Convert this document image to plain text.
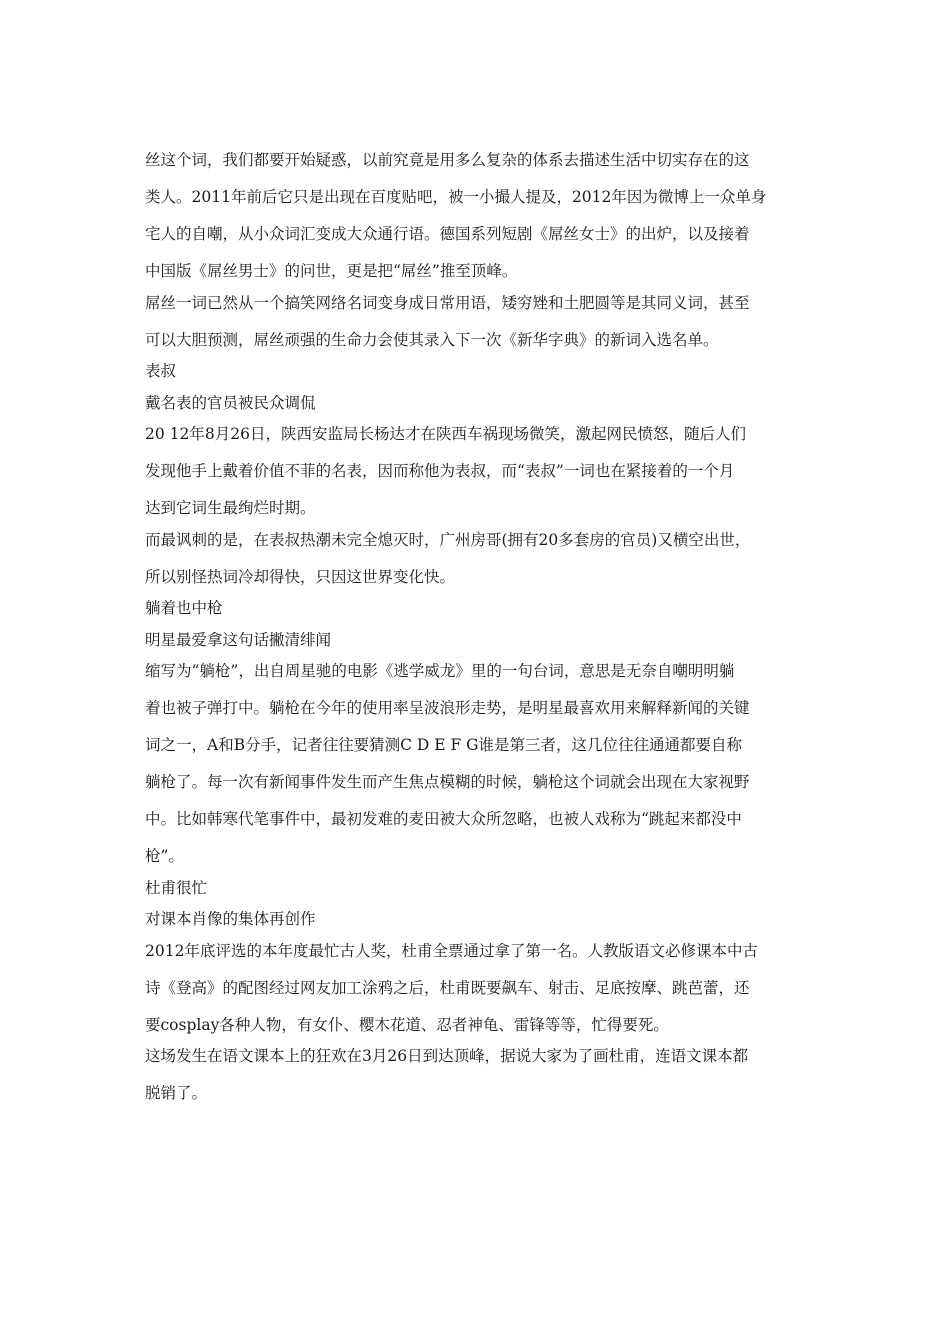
丝这个词，我们都要开始疑惑，以前究竟是用多么复杂的体系去描述生活中切实存在的这
类人。2011年前后它只是出现在百度贴吧，被一小撮人提及，2012年因为微博上一众单身
宅人的自嘲，从小众词汇变成大众通行语。德国系列短剧《屌丝女士》的出炉，以及接着
中国版《屌丝男士》的问世，更是把“屌丝”推至顶峰。
屌丝一词已然从一个搞笑网络名词变身成日常用语，矮穷矬和土肥圆等是其同义词，甚至
可以大胆预测，屌丝顽强的生命力会使其录入下一次《新华字典》的新词入选名单。
表叔
戴名表的官员被民众调侃
20 12年8月26日，陕西安监局长杨达才在陕西车祸现场微笑，激起网民愤怒，随后人们
发现他手上戴着价值不菲的名表，因而称他为表叔，而“表叔”一词也在紧接着的一个月
达到它词生最绚烂时期。
而最讽刺的是，在表叔热潮未完全熄灭时，广州房哥(拥有20多套房的官员)又横空出世，
所以别怪热词冷却得快，只因这世界变化快。
躺着也中枪
明星最爱拿这句话撇清绯闻
缩写为“躺枪”，出自周星驰的电影《逃学威龙》里的一句台词，意思是无奈自嘲明明躺
着也被子弹打中。躺枪在今年的使用率呈波浪形走势，是明星最喜欢用来解释新闻的关键
词之一，A和B分手，记者往往要猜测C D E F G谁是第三者，这几位往往通通都要自称
躺枪了。每一次有新闻事件发生而产生焦点模糊的时候，躺枪这个词就会出现在大家视野
中。比如韩寒代笔事件中，最初发难的麦田被大众所忽略，也被人戏称为“跳起来都没中
枪”。
杜甫很忙
对课本肖像的集体再创作
2012年底评选的本年度最忙古人奖，杜甫全票通过拿了第一名。人教版语文必修课本中古
诗《登高》的配图经过网友加工涂鸦之后，杜甫既要飙车、射击、足底按摩、跳芭蕾，还
要cosplay各种人物，有女仆、樱木花道、忍者神龟、雷锋等等，忙得要死。
这场发生在语文课本上的狂欢在3月26日到达顶峰，据说大家为了画杜甫，连语文课本都
脱销了。
